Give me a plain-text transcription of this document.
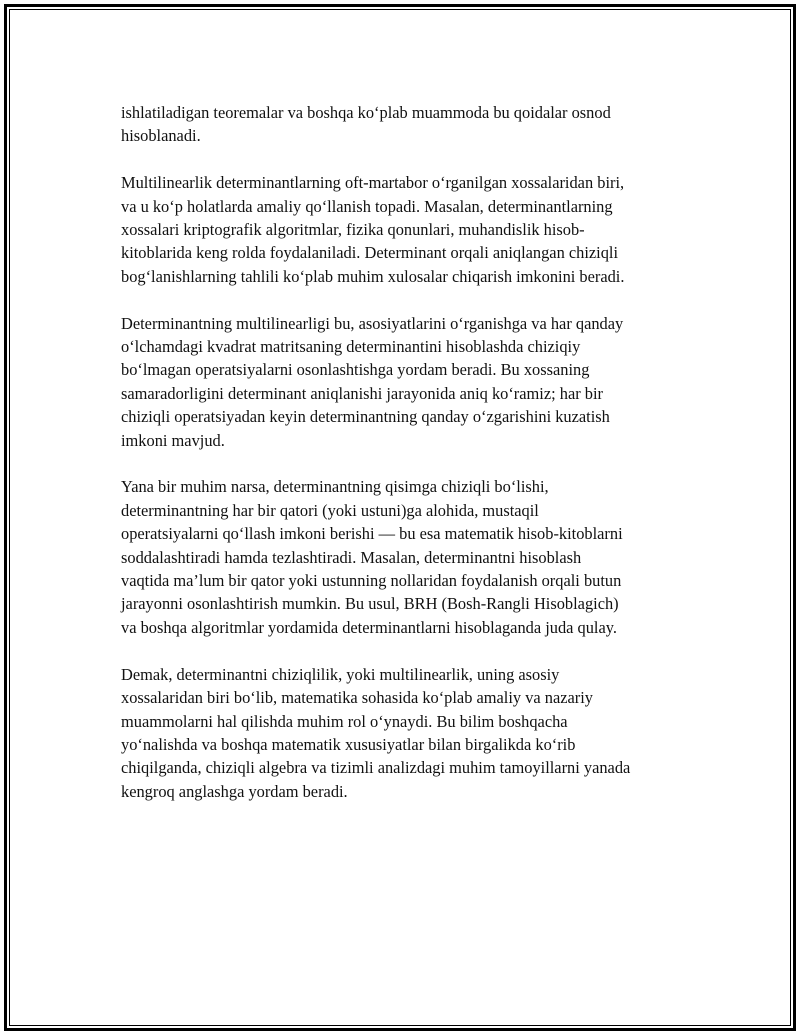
ishlatiladigan teoremalar va boshqa ko‘plab muammoda bu qoidalar osnod
hisoblanadi.

Multilinearlik determinantlarning oft-martabor o‘rganilgan xossalaridan biri,
va u ko‘p holatlarda amaliy qo‘llanish topadi. Masalan, determinantlarning
xossalari kriptografik algoritmlar, fizika qonunlari, muhandislik hisob-
kitoblarida keng rolda foydalaniladi. Determinant orqali aniqlangan chiziqli
bog‘lanishlarning tahlili ko‘plab muhim xulosalar chiqarish imkonini beradi.

Determinantning multilinearligi bu, asosiyatlarini o‘rganishga va har qanday
o‘lchamdagi kvadrat matritsaning determinantini hisoblashda chiziqiy
bo‘lmagan operatsiyalarni osonlashtishga yordam beradi. Bu xossaning
samaradorligini determinant aniqlanishi jarayonida aniq ko‘ramiz; har bir
chiziqli operatsiyadan keyin determinantning qanday o‘zgarishini kuzatish
imkoni mavjud.

Yana bir muhim narsa, determinantning qisimga chiziqli bo‘lishi,
determinantning har bir qatori (yoki ustuni)ga alohida, mustaqil
operatsiyalarni qo‘llash imkoni berishi — bu esa matematik hisob-kitoblarni
soddalashtiradi hamda tezlashtiradi. Masalan, determinantni hisoblash
vaqtida ma’lum bir qator yoki ustunning nollaridan foydalanish orqali butun
jarayonni osonlashtirish mumkin. Bu usul, BRH (Bosh-Rangli Hisoblagich)
va boshqa algoritmlar yordamida determinantlarni hisoblaganda juda qulay.

Demak, determinantni chiziqlilik, yoki multilinearlik, uning asosiy
xossalaridan biri bo‘lib, matematika sohasida ko‘plab amaliy va nazariy
muammolarni hal qilishda muhim rol o‘ynaydi. Bu bilim boshqacha
yo‘nalishda va boshqa matematik xususiyatlar bilan birgalikda ko‘rib
chiqilganda, chiziqli algebra va tizimli analizdagi muhim tamoyillarni yanada
kengroq anglashga yordam beradi.
